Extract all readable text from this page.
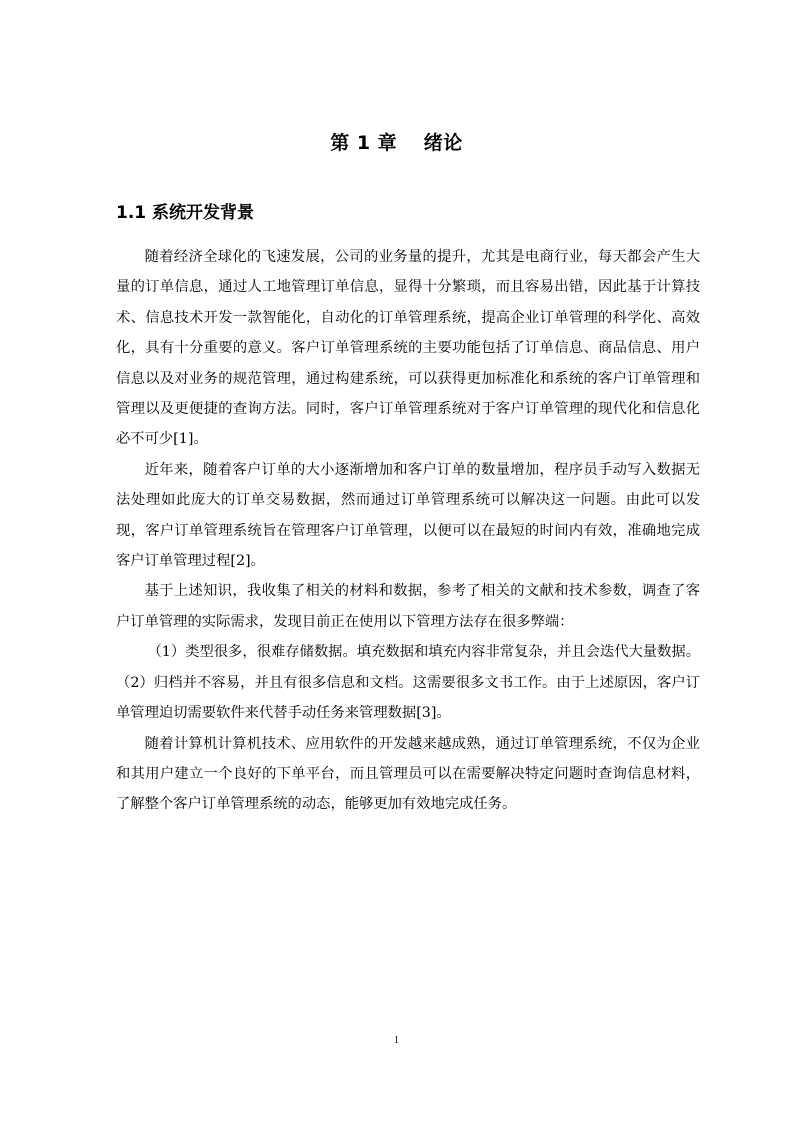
第 1 章　 绪论
1.1 系统开发背景

随着经济全球化的飞速发展，公司的业务量的提升，尤其是电商行业，每天都会产生大量的订单信息，通过人工地管理订单信息，显得十分繁琐，而且容易出错，因此基于计算技术、信息技术开发一款智能化，自动化的订单管理系统，提高企业订单管理的科学化、高效化，具有十分重要的意义。客户订单管理系统的主要功能包括了订单信息、商品信息、用户信息以及对业务的规范管理，通过构建系统，可以获得更加标准化和系统的客户订单管理和管理以及更便捷的查询方法。同时，客户订单管理系统对于客户订单管理的现代化和信息化必不可少[1]。

近年来，随着客户订单的大小逐渐增加和客户订单的数量增加，程序员手动写入数据无法处理如此庞大的订单交易数据，然而通过订单管理系统可以解决这一问题。由此可以发现，客户订单管理系统旨在管理客户订单管理，以便可以在最短的时间内有效，准确地完成客户订单管理过程[2]。

基于上述知识，我收集了相关的材料和数据，参考了相关的文献和技术参数，调查了客户订单管理的实际需求，发现目前正在使用以下管理方法存在很多弊端：

（1）类型很多，很难存储数据。填充数据和填充内容非常复杂，并且会迭代大量数据。（2）归档并不容易，并且有很多信息和文档。这需要很多文书工作。由于上述原因，客户订单管理迫切需要软件来代替手动任务来管理数据[3]。

随着计算机计算机技术、应用软件的开发越来越成熟，通过订单管理系统，不仅为企业和其用户建立一个良好的下单平台，而且管理员可以在需要解决特定问题时查询信息材料，了解整个客户订单管理系统的动态，能够更加有效地完成任务。

1
